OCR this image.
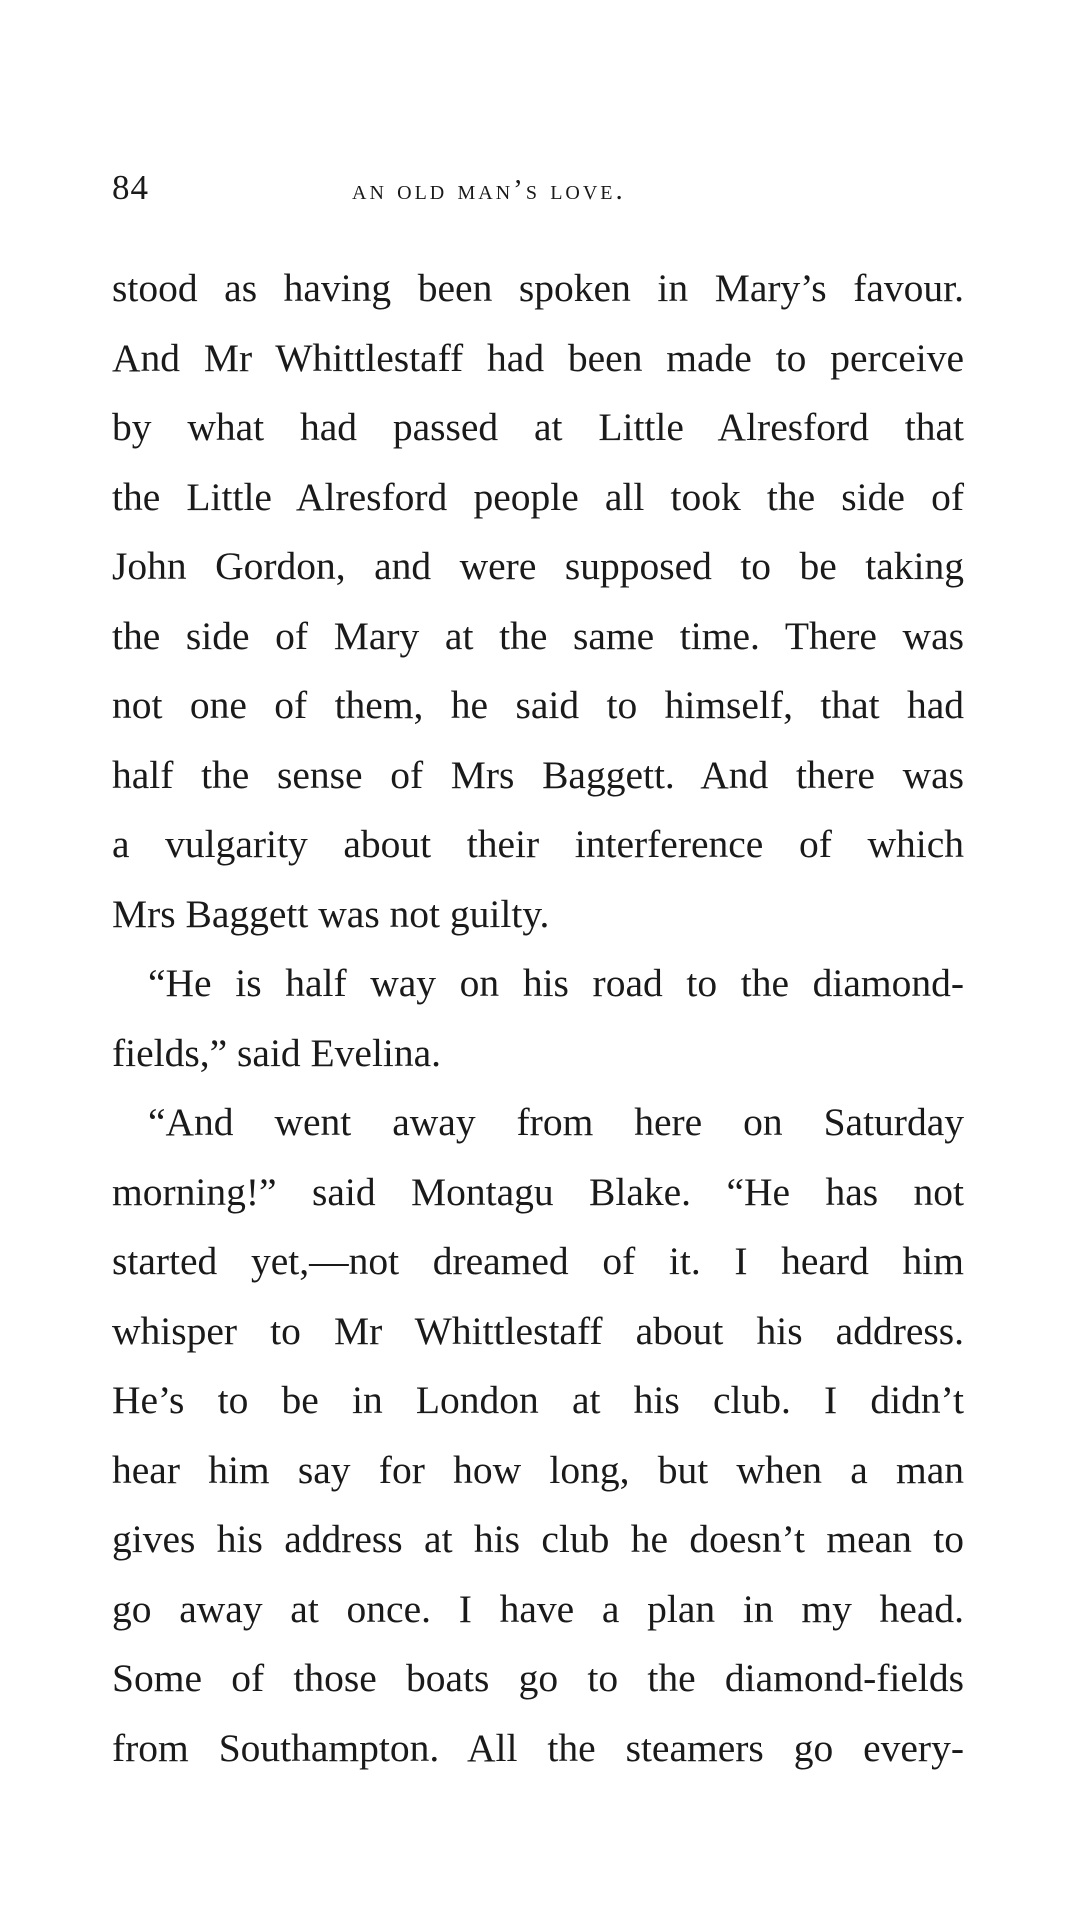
84	an old man’s love.
stood as having been spoken in Mary’s favour.
And Mr Whittlestaff had been made to perceive
by what had passed at Little Alresford that
the Little Alresford people all took the side of
John Gordon, and were supposed to be taking
the side of Mary at the same time. There was
not one of them, he said to himself, that had
half the sense of Mrs Baggett. And there was
a vulgarity about their interference of which
Mrs Baggett was not guilty.
“He is half way on his road to the diamond-
fields,” said Evelina.
“And went away from here on Saturday
morning!” said Montagu Blake. “He has not
started yet,—not dreamed of it. I heard him
whisper to Mr Whittlestaff about his address.
He’s to be in London at his club. I didn’t
hear him say for how long, but when a man
gives his address at his club he doesn’t mean to
go away at once. I have a plan in my head.
Some of those boats go to the diamond-fields
from Southampton. All the steamers go every-
